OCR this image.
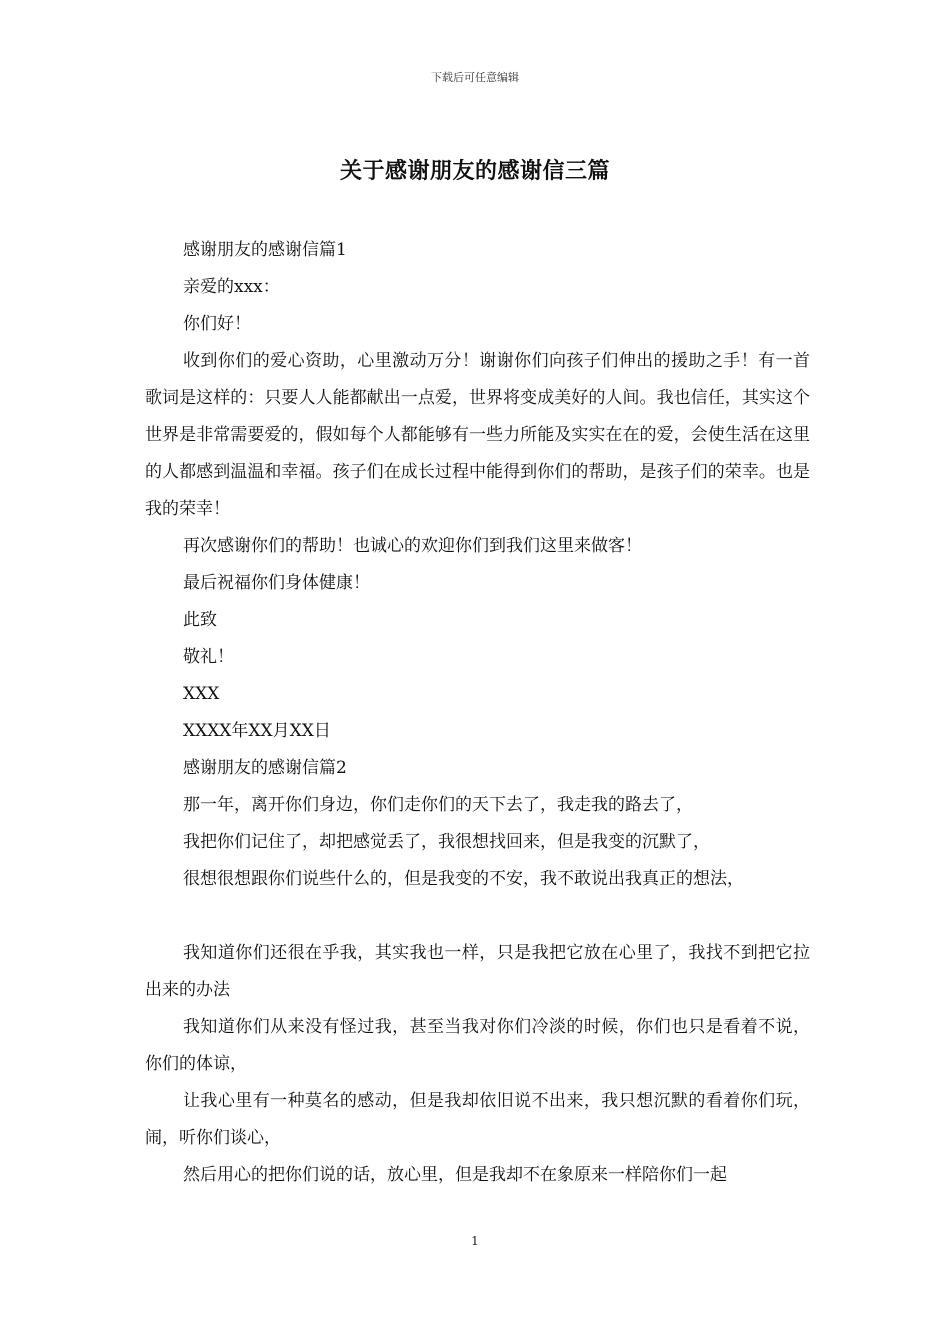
下载后可任意编辑
关于感谢朋友的感谢信三篇

感谢朋友的感谢信篇1

亲爱的xxx：

你们好！

收到你们的爱心资助，心里激动万分！谢谢你们向孩子们伸出的援助之手！有一首歌词是这样的：只要人人能都献出一点爱，世界将变成美好的人间。我也信任，其实这个世界是非常需要爱的，假如每个人都能够有一些力所能及实实在在的爱，会使生活在这里的人都感到温温和幸福。孩子们在成长过程中能得到你们的帮助，是孩子们的荣幸。也是我的荣幸！

再次感谢你们的帮助！也诚心的欢迎你们到我们这里来做客！

最后祝福你们身体健康！

此致

敬礼！

XXX

XXXX年XX月XX日

感谢朋友的感谢信篇2

那一年，离开你们身边，你们走你们的天下去了，我走我的路去了，

我把你们记住了，却把感觉丢了，我很想找回来，但是我变的沉默了，

很想很想跟你们说些什么的，但是我变的不安，我不敢说出我真正的想法，

我知道你们还很在乎我，其实我也一样，只是我把它放在心里了，我找不到把它拉出来的办法

我知道你们从来没有怪过我，甚至当我对你们冷淡的时候，你们也只是看着不说，你们的体谅，

让我心里有一种莫名的感动，但是我却依旧说不出来，我只想沉默的看着你们玩，闹，听你们谈心，

然后用心的把你们说的话，放心里，但是我却不在象原来一样陪你们一起

1
